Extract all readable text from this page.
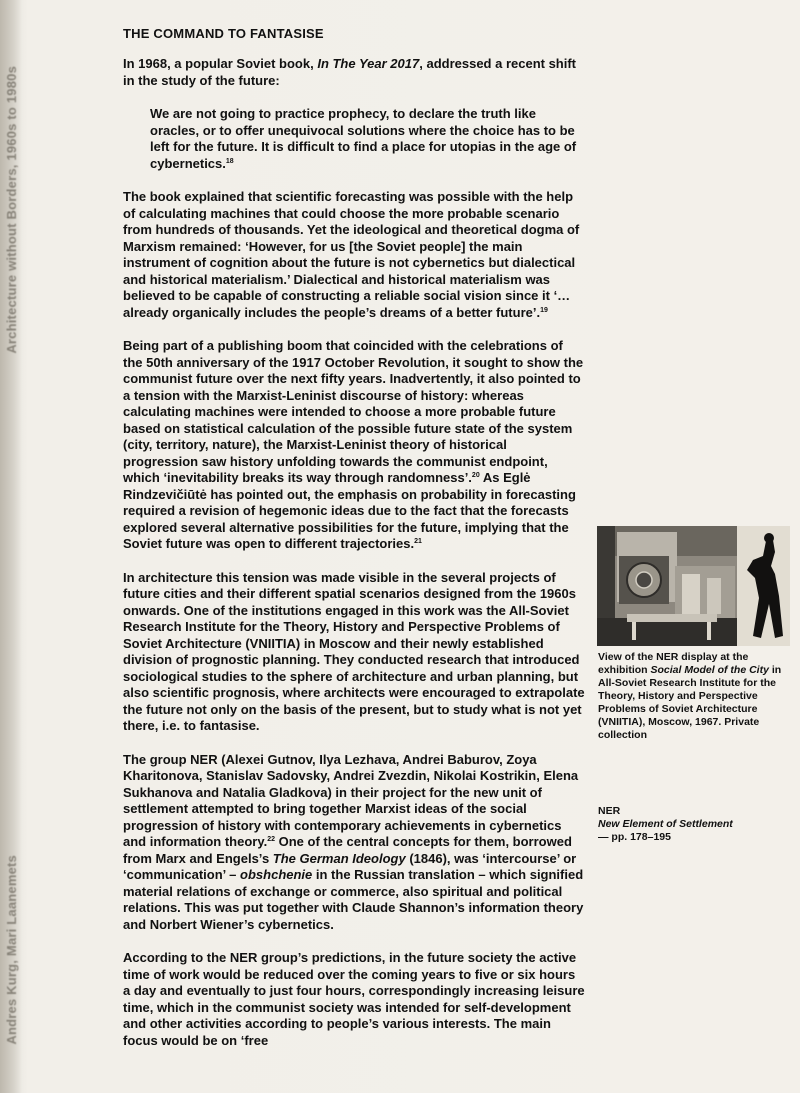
Architecture without Borders, 1960s to 1980s
Andres Kurg, Mari Laanemets
THE COMMAND TO FANTASISE

In 1968, a popular Soviet book, In The Year 2017, addressed a recent shift in the study of the future:

We are not going to practice prophecy, to declare the truth like oracles, or to offer unequivocal solutions where the choice has to be left for the future. It is difficult to find a place for utopias in the age of cybernetics.$^{18}$

The book explained that scientific forecasting was possible with the help of calculating machines that could choose the more probable scenario from hundreds of thousands. Yet the ideological and theoretical dogma of Marxism remained: ‘However, for us [the Soviet people] the main instrument of cognition about the future is not cybernetics but dialectical and historical materialism.’ Dialectical and historical materialism was believed to be capable of constructing a reliable social vision since it ‘… already organically includes the people’s dreams of a better future’.$^{19}$

Being part of a publishing boom that coincided with the celebrations of the 50th anniversary of the 1917 October Revolution, it sought to show the communist future over the next fifty years. Inadvertently, it also pointed to a tension with the Marxist-Leninist discourse of history: whereas calculating machines were intended to choose a more probable future based on statistical calculation of the possible future state of the system (city, territory, nature), the Marxist-Leninist theory of historical progression saw history unfolding towards the communist endpoint, which ‘inevitability breaks its way through randomness’.$^{20}$ As Eglė Rindzevičiūtė has pointed out, the emphasis on probability in forecasting required a revision of hegemonic ideas due to the fact that the forecasts explored several alternative possibilities for the future, implying that the Soviet future was open to different trajectories.$^{21}$

In architecture this tension was made visible in the several projects of future cities and their different spatial scenarios designed from the 1960s onwards. One of the institutions engaged in this work was the All-Soviet Research Institute for the Theory, History and Perspective Problems of Soviet Architecture (VNIITIA) in Moscow and their newly established division of prognostic planning. They conducted research that introduced sociological studies to the sphere of architecture and urban planning, but also scientific prognosis, where architects were encouraged to extrapolate the future not only on the basis of the present, but to study what is not yet there, i.e. to fantasise.

The group NER (Alexei Gutnov, Ilya Lezhava, Andrei Baburov, Zoya Kharitonova, Stanislav Sadovsky, Andrei Zvezdin, Nikolai Kostrikin, Elena Sukhanova and Natalia Gladkova) in their project for the new unit of settlement attempted to bring together Marxist ideas of the social progression of history with contemporary achievements in cybernetics and information theory.$^{22}$ One of the central concepts for them, borrowed from Marx and Engels’s The German Ideology (1846), was ‘intercourse’ or ‘communication’ – obshchenie in the Russian translation – which signified material relations of exchange or commerce, also spiritual and political relations. This was put together with Claude Shannon’s information theory and Norbert Wiener’s cybernetics.

According to the NER group’s predictions, in the future society the active time of work would be reduced over the coming years to five or six hours a day and eventually to just four hours, correspondingly increasing leisure time, which in the communist society was intended for self-development and other activities according to people’s various interests. The main focus would be on ‘free

View of the NER display at the exhibition Social Model of the City in All-Soviet Research Institute for the Theory, History and Perspective Problems of Soviet Architecture (VNIITIA), Moscow, 1967. Private collection

NER
New Element of Settlement
— pp. 178–195
